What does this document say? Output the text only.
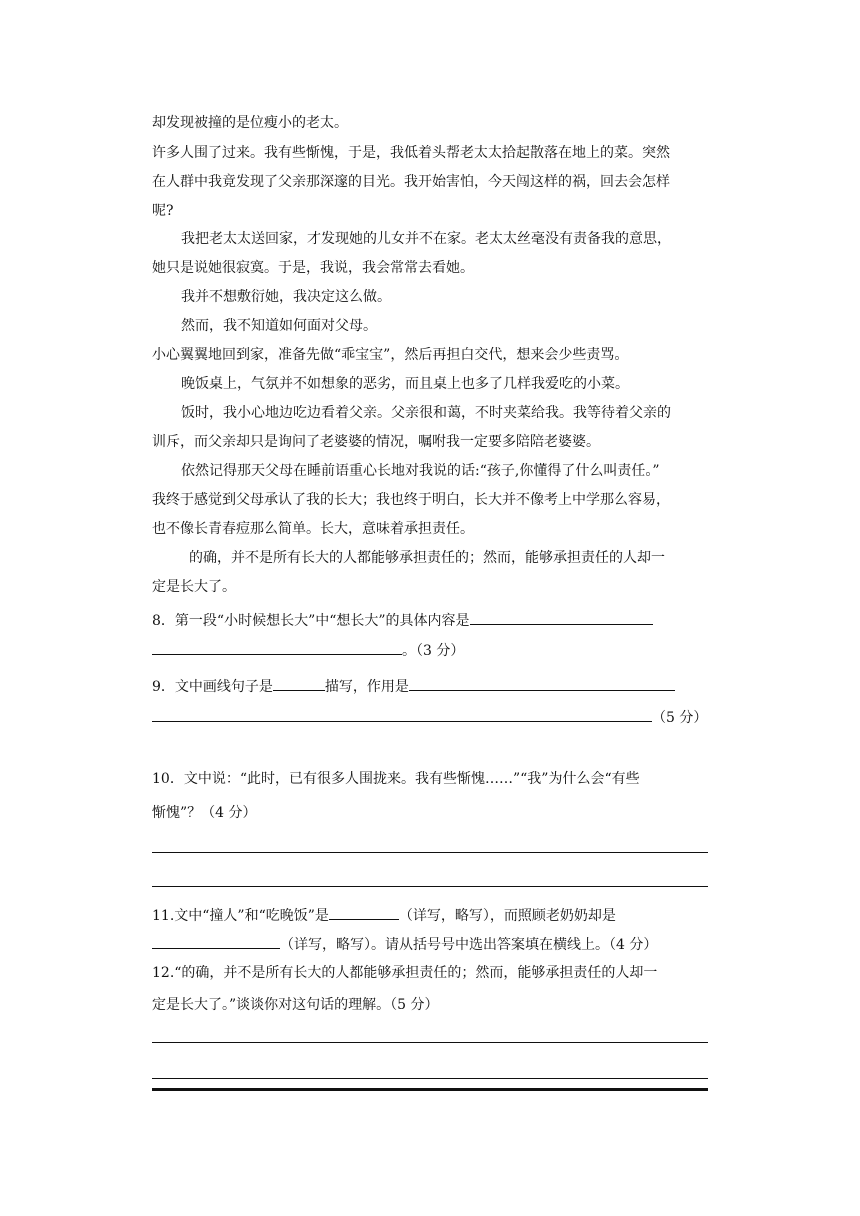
却发现被撞的是位瘦小的老太。
许多人围了过来。我有些惭愧，于是，我低着头帮老太太拾起散落在地上的菜。突然
在人群中我竟发现了父亲那深邃的目光。我开始害怕，今天闯这样的祸，回去会怎样
呢?
我把老太太送回家，才发现她的儿女并不在家。老太太丝毫没有责备我的意思，
她只是说她很寂寞。于是，我说，我会常常去看她。
我并不想敷衍她，我决定这么做。
然而，我不知道如何面对父母。
小心翼翼地回到家，准备先做“乖宝宝”，然后再担白交代，想来会少些责骂。
晚饭桌上，气氛并不如想象的恶劣，而且桌上也多了几样我爱吃的小菜。
饭时，我小心地边吃边看着父亲。父亲很和蔼，不时夹菜给我。我等待着父亲的
训斥，而父亲却只是询问了老婆婆的情况，嘱咐我一定要多陪陪老婆婆。
依然记得那天父母在睡前语重心长地对我说的话:“孩子,你懂得了什么叫责任。”
我终于感觉到父母承认了我的长大；我也终于明白，长大并不像考上中学那么容易，
也不像长青春痘那么简单。长大，意味着承担责任。
的确，并不是所有长大的人都能够承担责任的；然而，能够承担责任的人却一
定是长大了。
8．第一段“小时候想长大”中“想长大”的具体内容是
。（3 分）
9．文中画线句子是	描写，作用是
（5 分）
10．文中说：“此时，已有很多人围拢来。我有些惭愧……”“我”为什么会“有些
惭愧”？（4 分）
11.文中“撞人”和“吃晚饭”是	（详写，略写），而照顾老奶奶却是
（详写，略写）。请从括号号中选出答案填在横线上。（4 分）
12.“的确，并不是所有长大的人都能够承担责任的；然而，能够承担责任的人却一
定是长大了。”谈谈你对这句话的理解。（5 分）
